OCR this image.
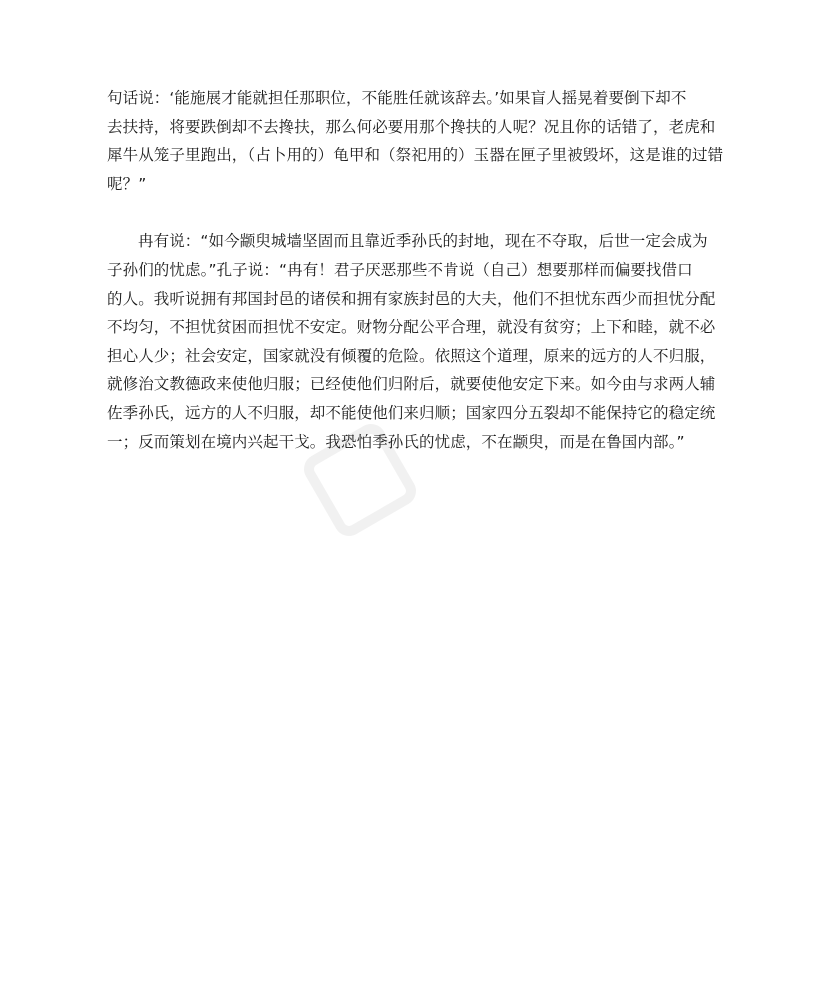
句话说：‘能施展才能就担任那职位，不能胜任就该辞去。’如果盲人摇晃着要倒下却不
去扶持，将要跌倒却不去搀扶，那么何必要用那个搀扶的人呢？况且你的话错了，老虎和
犀牛从笼子里跑出，（占卜用的）龟甲和（祭祀用的）玉器在匣子里被毁坏，这是谁的过错
呢？”
冉有说：“如今颛臾城墙坚固而且靠近季孙氏的封地，现在不夺取，后世一定会成为
子孙们的忧虑。”孔子说：“冉有！君子厌恶那些不肯说（自己）想要那样而偏要找借口
的人。我听说拥有邦国封邑的诸侯和拥有家族封邑的大夫，他们不担忧东西少而担忧分配
不均匀，不担忧贫困而担忧不安定。财物分配公平合理，就没有贫穷；上下和睦，就不必
担心人少；社会安定，国家就没有倾覆的危险。依照这个道理，原来的远方的人不归服，
就修治文教德政来使他归服；已经使他们归附后，就要使他安定下来。如今由与求两人辅
佐季孙氏，远方的人不归服，却不能使他们来归顺；国家四分五裂却不能保持它的稳定统
一；反而策划在境内兴起干戈。我恐怕季孙氏的忧虑，不在颛臾，而是在鲁国内部。”
